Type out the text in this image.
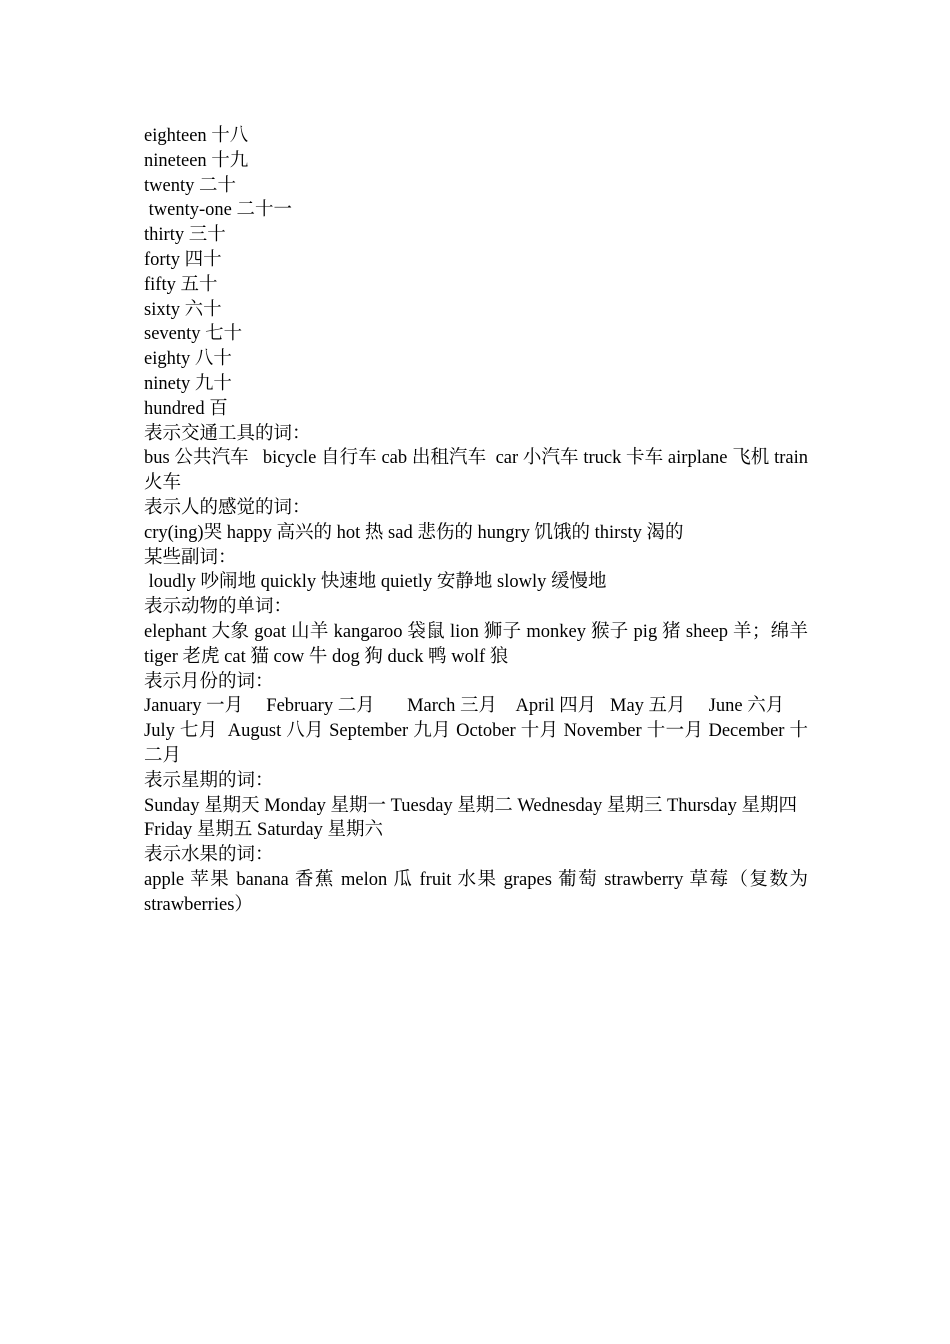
eighteen 十八
nineteen 十九
twenty 二十
twenty-one 二十一
thirty 三十
forty 四十
fifty 五十
sixty 六十
seventy 七十
eighty 八十
ninety 九十
hundred 百
表示交通工具的词：
bus 公共汽车   bicycle 自行车 cab 出租汽车  car 小汽车 truck 卡车 airplane 飞机 train 火车
表示人的感觉的词：
cry(ing)哭 happy 高兴的 hot 热 sad 悲伤的 hungry 饥饿的 thirsty 渴的
某些副词：
loudly 吵闹地 quickly 快速地 quietly 安静地 slowly 缓慢地
表示动物的单词：
elephant 大象 goat 山羊 kangaroo 袋鼠 lion 狮子 monkey 猴子 pig 猪 sheep 羊；绵羊 tiger 老虎 cat 猫 cow 牛 dog 狗 duck 鸭 wolf 狼
表示月份的词：
January 一月     February 二月       March 三月    April 四月   May 五月     June 六月
July 七月  August 八月 September 九月 October 十月 November 十一月 December 十二月
表示星期的词：
Sunday 星期天 Monday 星期一 Tuesday 星期二 Wednesday 星期三 Thursday 星期四
Friday 星期五 Saturday 星期六
表示水果的词：
apple 苹果 banana 香蕉 melon 瓜 fruit 水果 grapes 葡萄 strawberry 草莓（复数为 strawberries）
